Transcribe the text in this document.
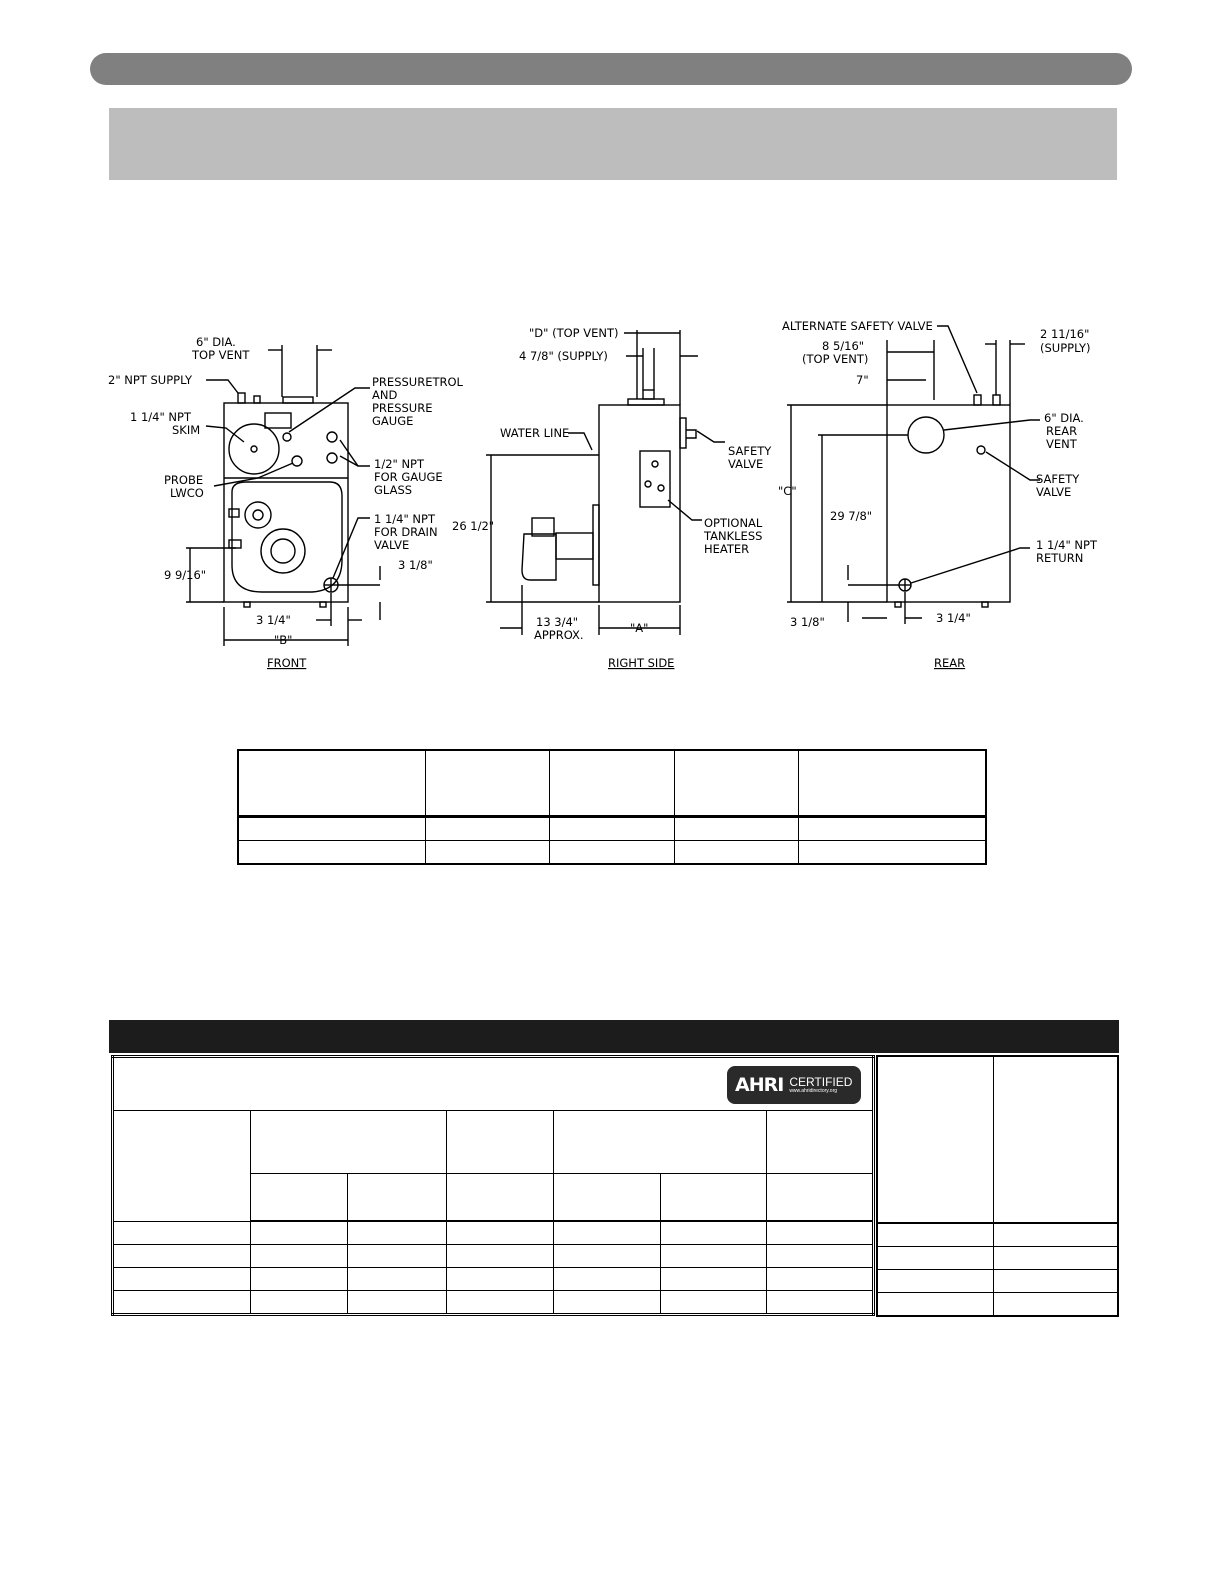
6" DIA.
TOP VENT
2" NPT SUPPLY
1 1/4" NPT
SKIM
PROBE
LWCO
PRESSURETROL
AND
PRESSURE
GAUGE
1/2" NPT
FOR GAUGE
GLASS
1 1/4" NPT
FOR DRAIN
VALVE
9 9/16"
3 1/8"
3 1/4"
"B"
FRONT
"D" (TOP VENT)
4 7/8" (SUPPLY)
WATER LINE
SAFETY
VALVE
26 1/2"	OPTIONAL
TANKLESS
HEATER
13 3/4"
APPROX.	"A"
RIGHT SIDE
ALTERNATE SAFETY VALVE
8 5/16"
(TOP VENT)
7"
2 11/16"
(SUPPLY)
6" DIA.
REAR
VENT
SAFETY
VALVE
"C"
29 7/8"
1 1/4" NPT
RETURN
3 1/8"	3 1/4"
REAR

AHRI CERTIFIED
www.ahridirectory.org
